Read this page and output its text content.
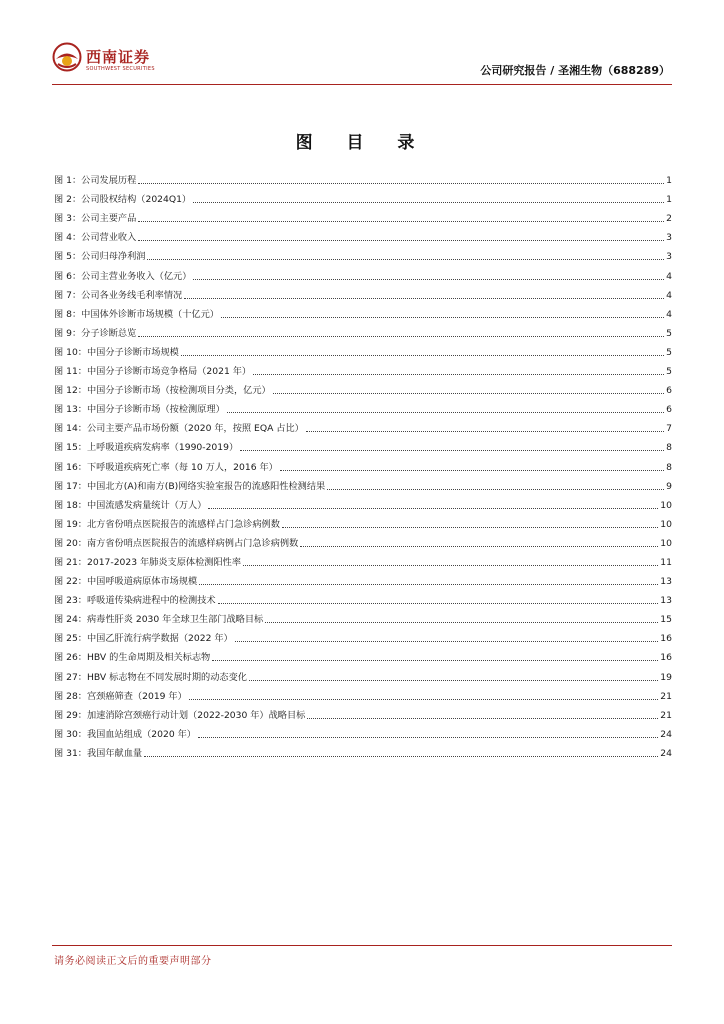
西南证券
SOUTHWEST SECURITIES	公司研究报告 / 圣湘生物（688289）
图 目 录
图 1： 公司发展历程	1
图 2： 公司股权结构（2024Q1）	1
图 3： 公司主要产品	2
图 4： 公司营业收入	3
图 5： 公司归母净利润	3
图 6： 公司主营业务收入（亿元）	4
图 7： 公司各业务线毛利率情况	4
图 8： 中国体外诊断市场规模（十亿元）	4
图 9： 分子诊断总览	5
图 10： 中国分子诊断市场规模	5
图 11： 中国分子诊断市场竞争格局（2021 年）	5
图 12： 中国分子诊断市场（按检测项目分类，亿元）	6
图 13： 中国分子诊断市场（按检测原理）	6
图 14： 公司主要产品市场份额（2020 年，按照 EQA 占比）	7
图 15： 上呼吸道疾病发病率（1990-2019）	8
图 16： 下呼吸道疾病死亡率（每 10 万人，2016 年）	8
图 17： 中国北方(A)和南方(B)网络实验室报告的流感阳性检测结果	9
图 18： 中国流感发病量统计（万人）	10
图 19： 北方省份哨点医院报告的流感样占门急诊病例数	10
图 20： 南方省份哨点医院报告的流感样病例占门急诊病例数	10
图 21： 2017-2023 年肺炎支原体检测阳性率	11
图 22： 中国呼吸道病原体市场规模	13
图 23： 呼吸道传染病进程中的检测技术	13
图 24： 病毒性肝炎 2030 年全球卫生部门战略目标	15
图 25： 中国乙肝流行病学数据（2022 年）	16
图 26： HBV 的生命周期及相关标志物	16
图 27： HBV 标志物在不同发展时期的动态变化	19
图 28： 宫颈癌筛查（2019 年）	21
图 29： 加速消除宫颈癌行动计划（2022-2030 年）战略目标	21
图 30： 我国血站组成（2020 年）	24
图 31： 我国年献血量	24
请务必阅读正文后的重要声明部分
